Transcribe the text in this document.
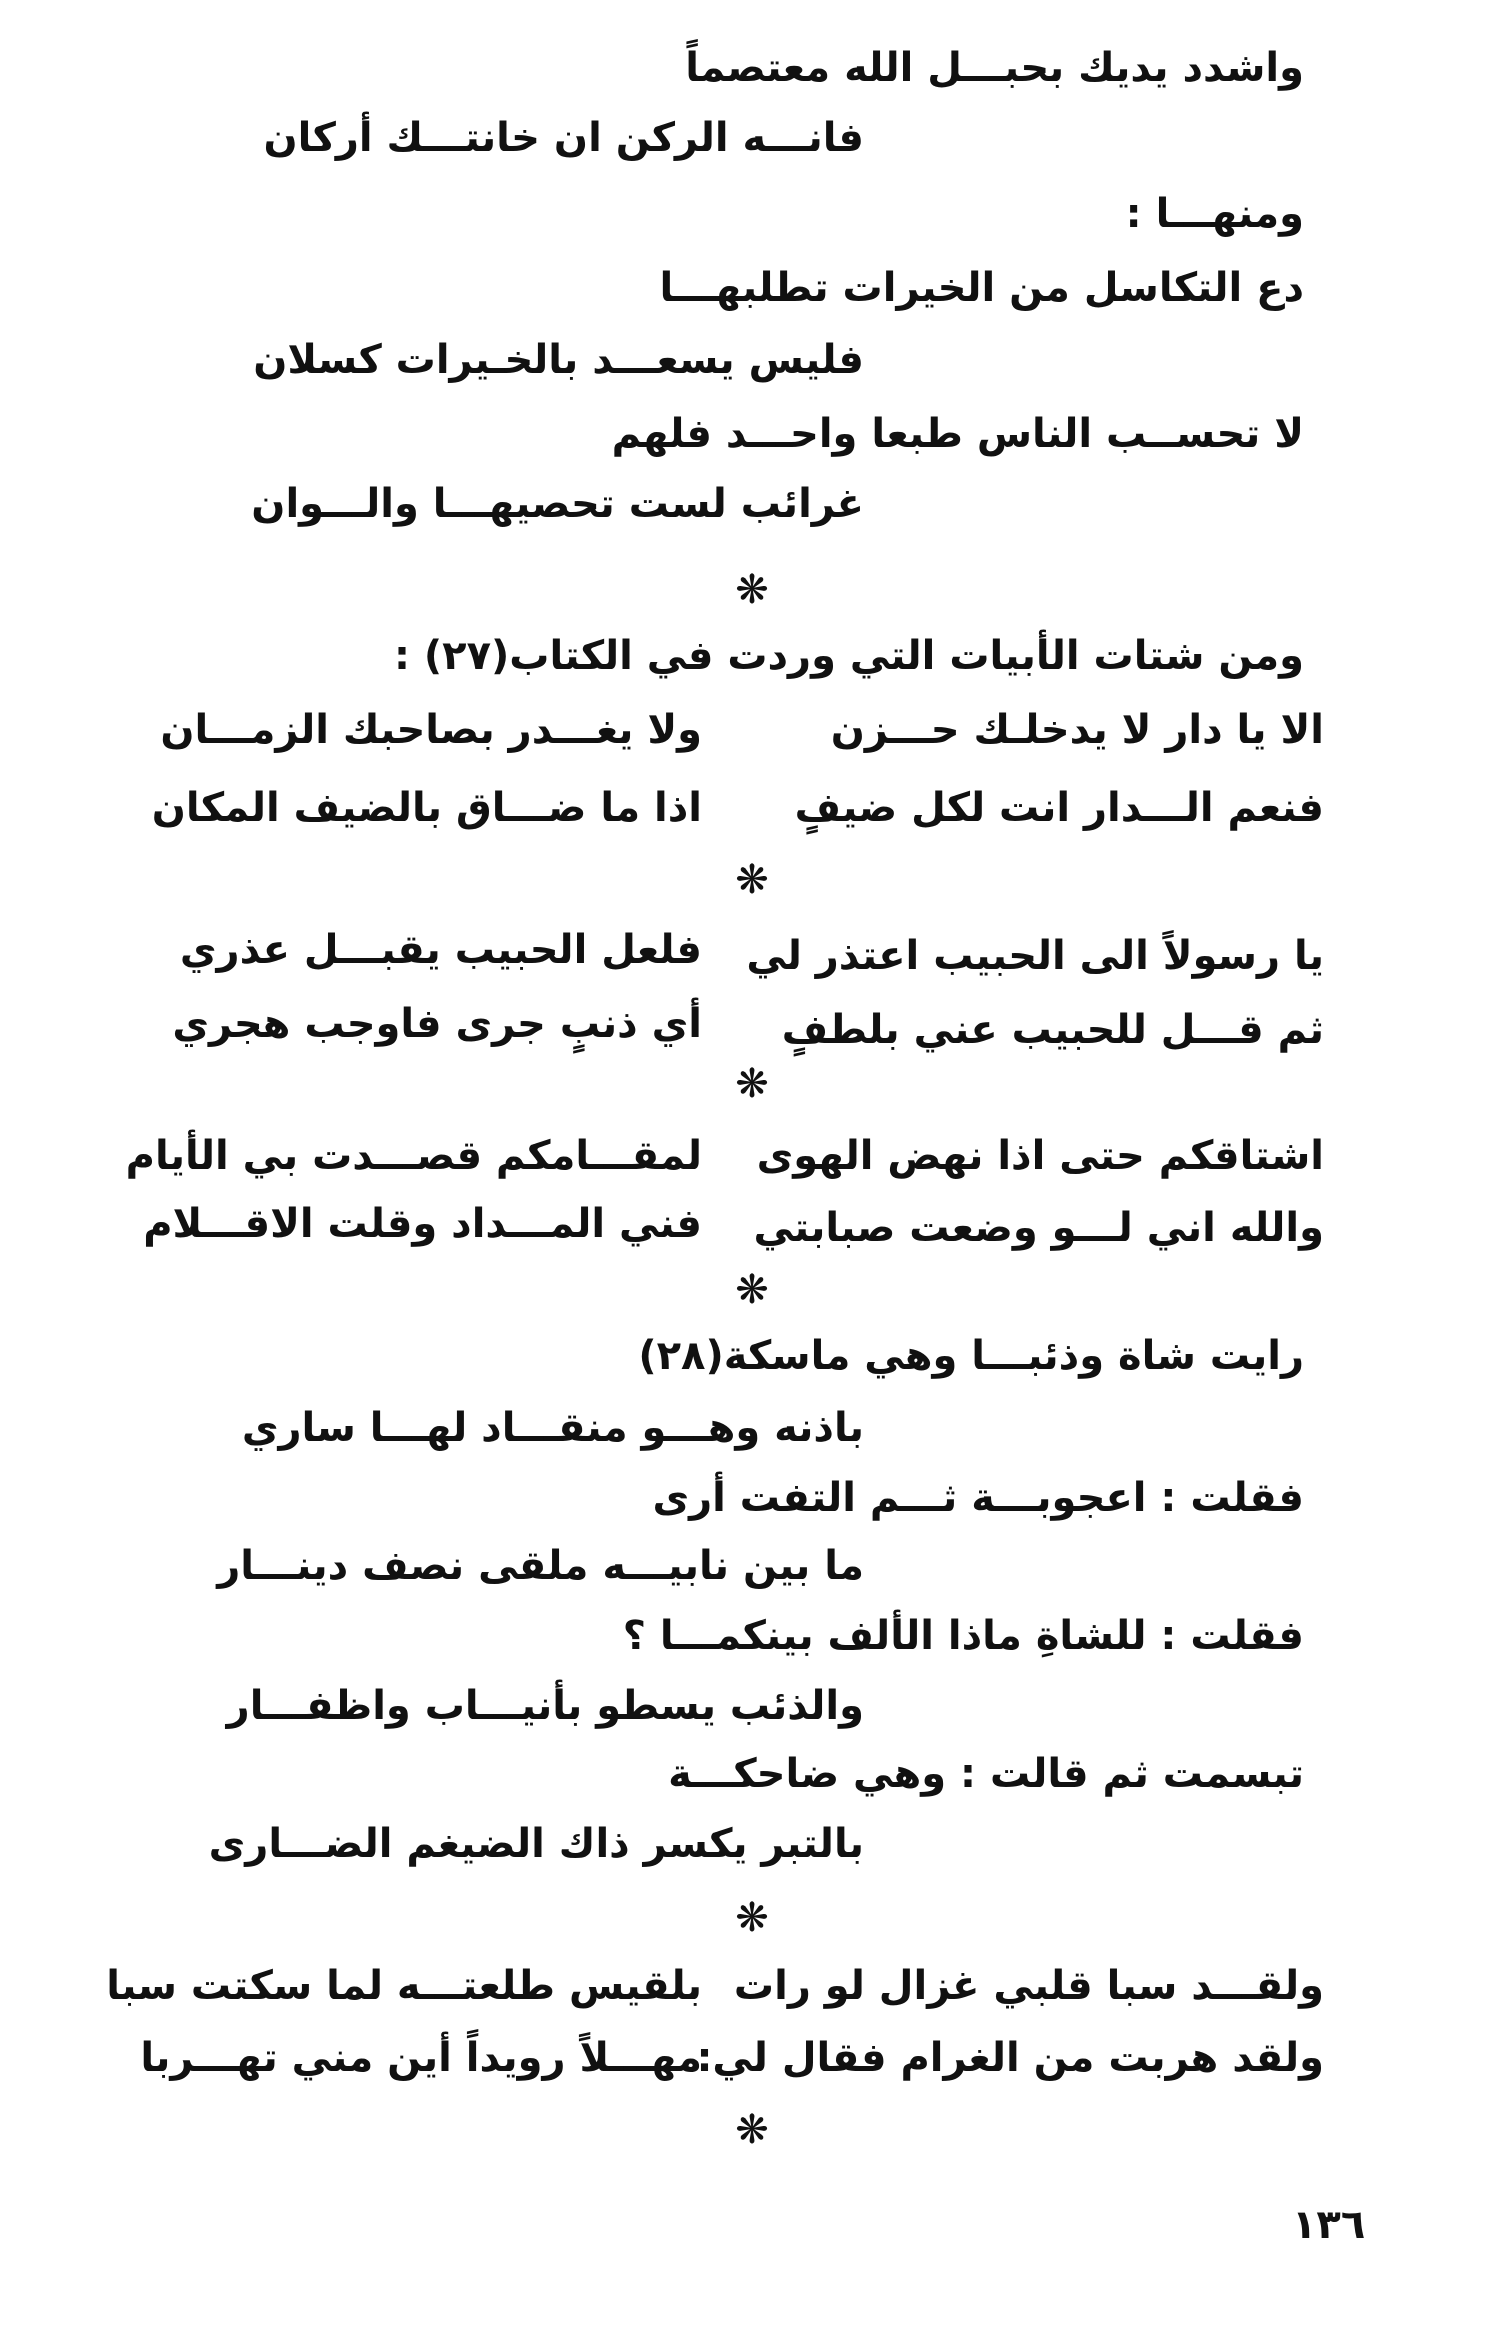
واشدد يديك بحبـــل الله معتصماً
فانـــه الركن ان خانتـــك أركان
ومنهـــا :
دع التكاسل من الخيرات تطلبهـــا
فليس يسعـــد بالخـيرات كسلان
لا تحســب الناس طبعا واحـــد فلهم
غرائب لست تحصيهـــا والـــوان
❋
ومن شتات الأبيات التي وردت في الكتاب(٢٧) :
الا يا دار لا يدخلـك حـــزن
ولا يغـــدر بصاحبك الزمـــان
فنعم الـــدار انت لكل ضيفٍ
اذا ما ضـــاق بالضيف المكان
❋
يا رسولاً الى الحبيب اعتذر لي
فلعل الحبيب يقبـــل عذري
ثم قـــل للحبيب عني بلطفٍ
أي ذنبٍ جرى فاوجب هجري
❋
اشتاقكم حتى اذا نهض الهوى
لمقـــامكم قصـــدت بي الأيام
والله اني لـــو وضعت صبابتي
فني المـــداد وقلت الاقـــلام
❋
رايت شاة وذئبـــا وهي ماسكة(٢٨)
باذنه وهـــو منقـــاد لهـــا ساري
فقلت : اعجوبـــة ثـــم التفت أرى
ما بين نابيـــه ملقى نصف دينـــار
فقلت : للشاةِ ماذا الألف بينكمـــا ؟
والذئب يسطو بأنيـــاب واظفـــار
تبسمت ثم قالت : وهي ضاحكـــة
بالتبر يكسر ذاك الضيغم الضـــارى
❋
ولقـــد سبا قلبي غزال لو رات
بلقيس طلعتـــه لما سكتت سبا
ولقد هربت من الغرام فقال لي:
مهـــلاً رويداً أين مني تهـــربا
❋
١٣٦
